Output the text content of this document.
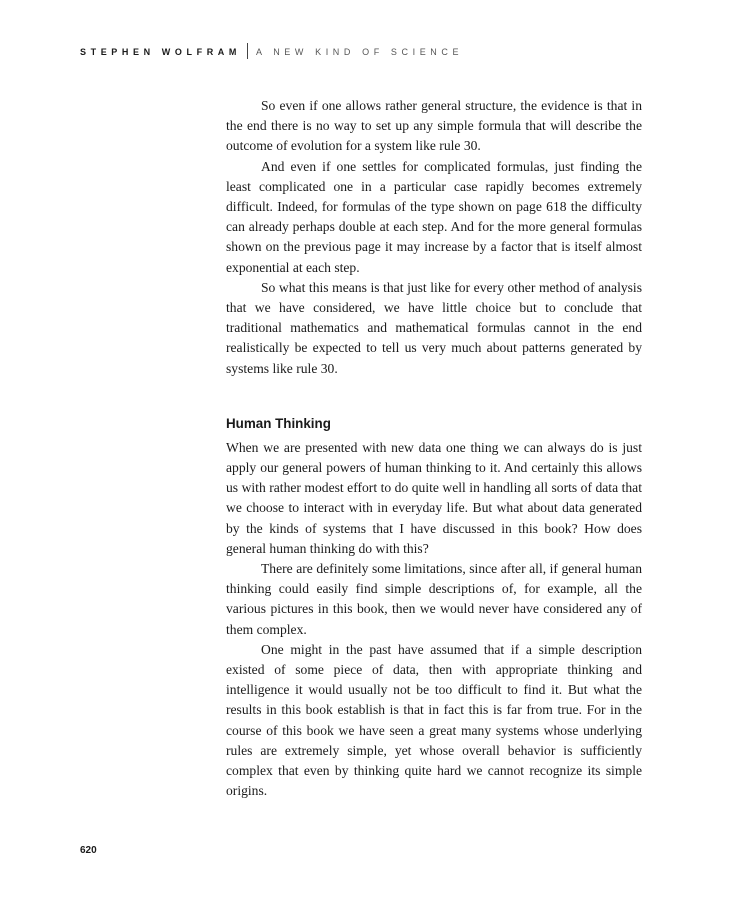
STEPHEN WOLFRAM A NEW KIND OF SCIENCE

So even if one allows rather general structure, the evidence is that in the end there is no way to set up any simple formula that will describe the outcome of evolution for a system like rule 30.

And even if one settles for complicated formulas, just finding the least complicated one in a particular case rapidly becomes extremely difficult. Indeed, for formulas of the type shown on page 618 the difficulty can already perhaps double at each step. And for the more general formulas shown on the previous page it may increase by a factor that is itself almost exponential at each step.

So what this means is that just like for every other method of analysis that we have considered, we have little choice but to conclude that traditional mathematics and mathematical formulas cannot in the end realistically be expected to tell us very much about patterns generated by systems like rule 30.

Human Thinking

When we are presented with new data one thing we can always do is just apply our general powers of human thinking to it. And certainly this allows us with rather modest effort to do quite well in handling all sorts of data that we choose to interact with in everyday life. But what about data generated by the kinds of systems that I have discussed in this book? How does general human thinking do with this?

There are definitely some limitations, since after all, if general human thinking could easily find simple descriptions of, for example, all the various pictures in this book, then we would never have considered any of them complex.

One might in the past have assumed that if a simple description existed of some piece of data, then with appropriate thinking and intelligence it would usually not be too difficult to find it. But what the results in this book establish is that in fact this is far from true. For in the course of this book we have seen a great many systems whose underlying rules are extremely simple, yet whose overall behavior is sufficiently complex that even by thinking quite hard we cannot recognize its simple origins.

620
